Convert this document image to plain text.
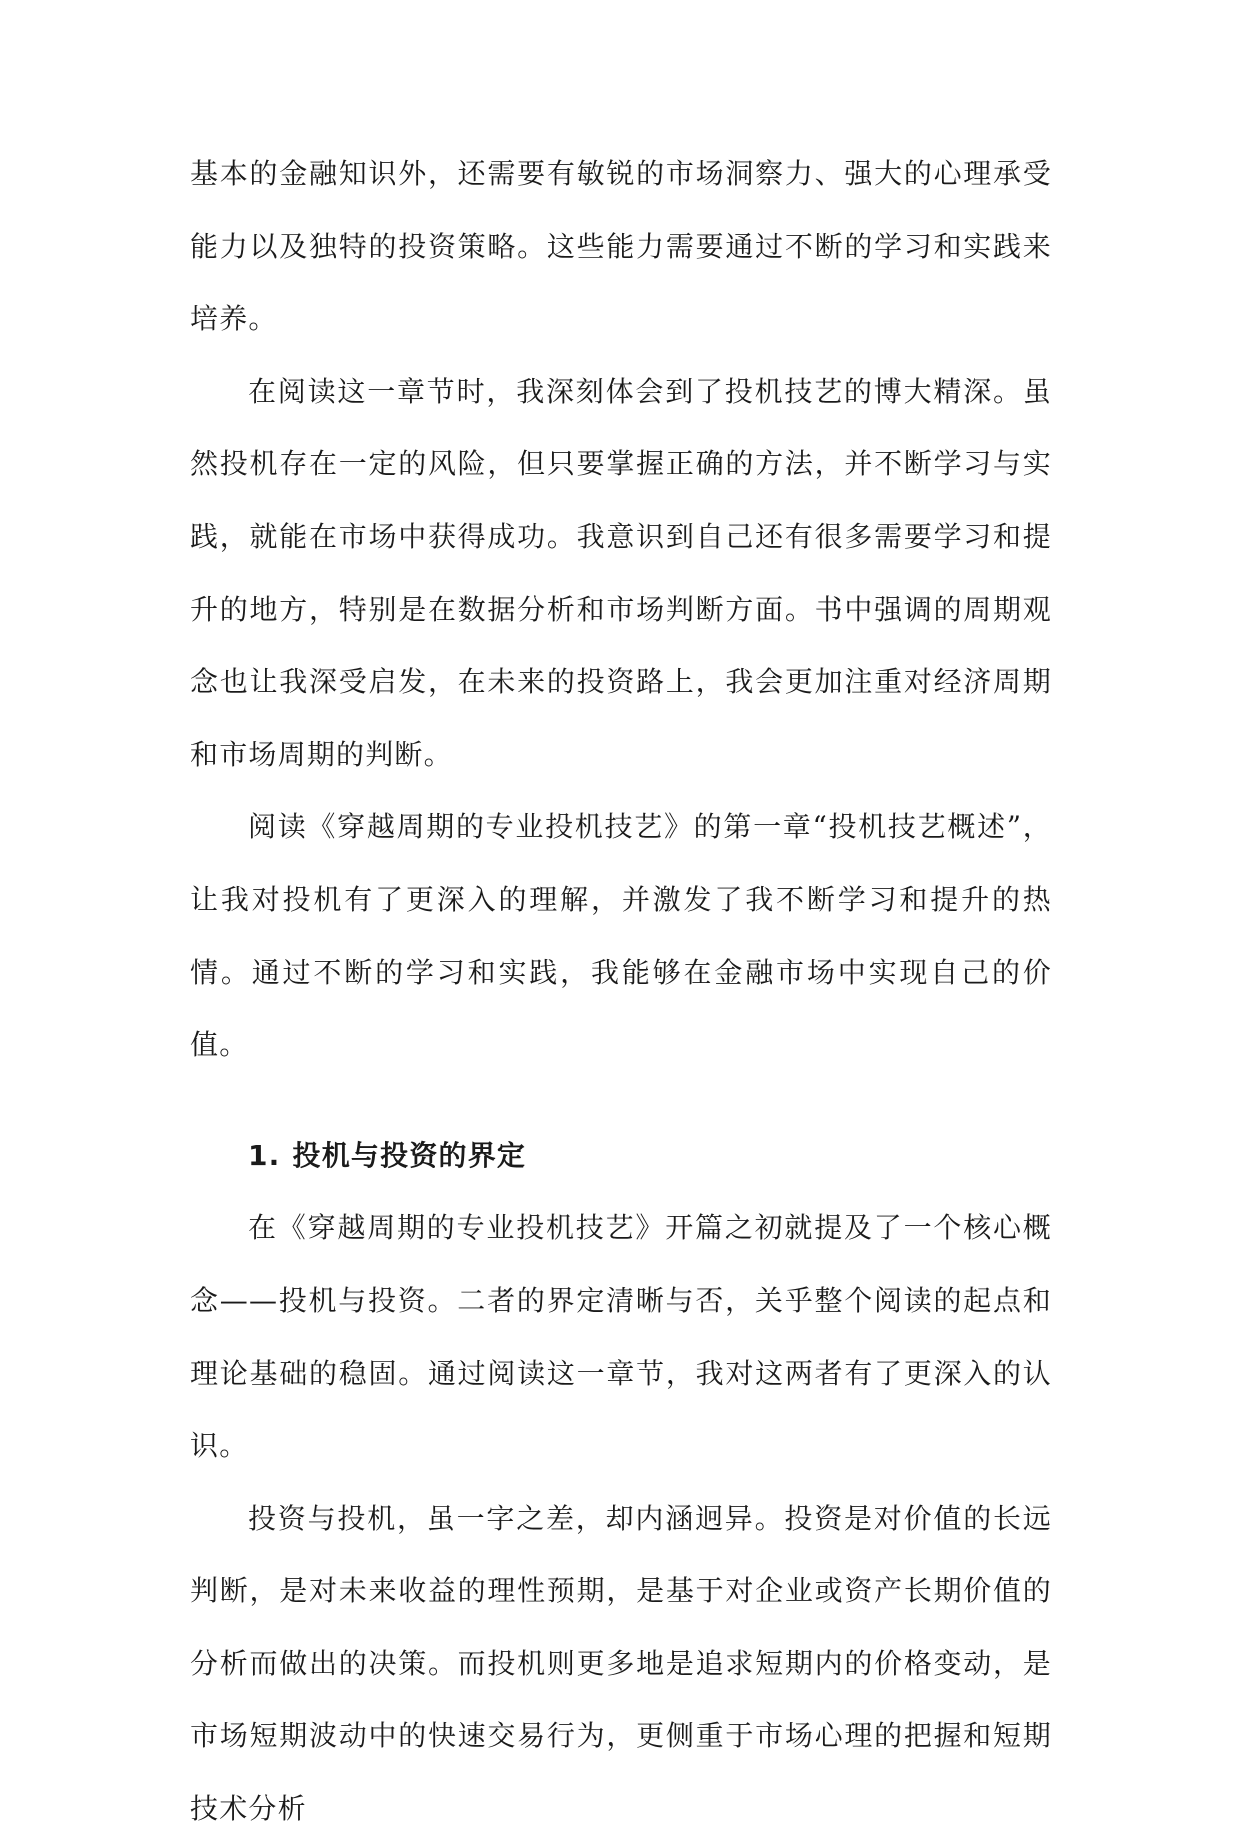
基本的金融知识外，还需要有敏锐的市场洞察力、强大的心理承受能力以及独特的投资策略。这些能力需要通过不断的学习和实践来培养。

在阅读这一章节时，我深刻体会到了投机技艺的博大精深。虽然投机存在一定的风险，但只要掌握正确的方法，并不断学习与实践，就能在市场中获得成功。我意识到自己还有很多需要学习和提升的地方，特别是在数据分析和市场判断方面。书中强调的周期观念也让我深受启发，在未来的投资路上，我会更加注重对经济周期和市场周期的判断。

阅读《穿越周期的专业投机技艺》的第一章“投机技艺概述”，让我对投机有了更深入的理解，并激发了我不断学习和提升的热情。通过不断的学习和实践，我能够在金融市场中实现自己的价值。

1. 投机与投资的界定

在《穿越周期的专业投机技艺》开篇之初就提及了一个核心概念——投机与投资。二者的界定清晰与否，关乎整个阅读的起点和理论基础的稳固。通过阅读这一章节，我对这两者有了更深入的认识。

投资与投机，虽一字之差，却内涵迥异。投资是对价值的长远判断，是对未来收益的理性预期，是基于对企业或资产长期价值的分析而做出的决策。而投机则更多地是追求短期内的价格变动，是市场短期波动中的快速交易行为，更侧重于市场心理的把握和短期技术分析
